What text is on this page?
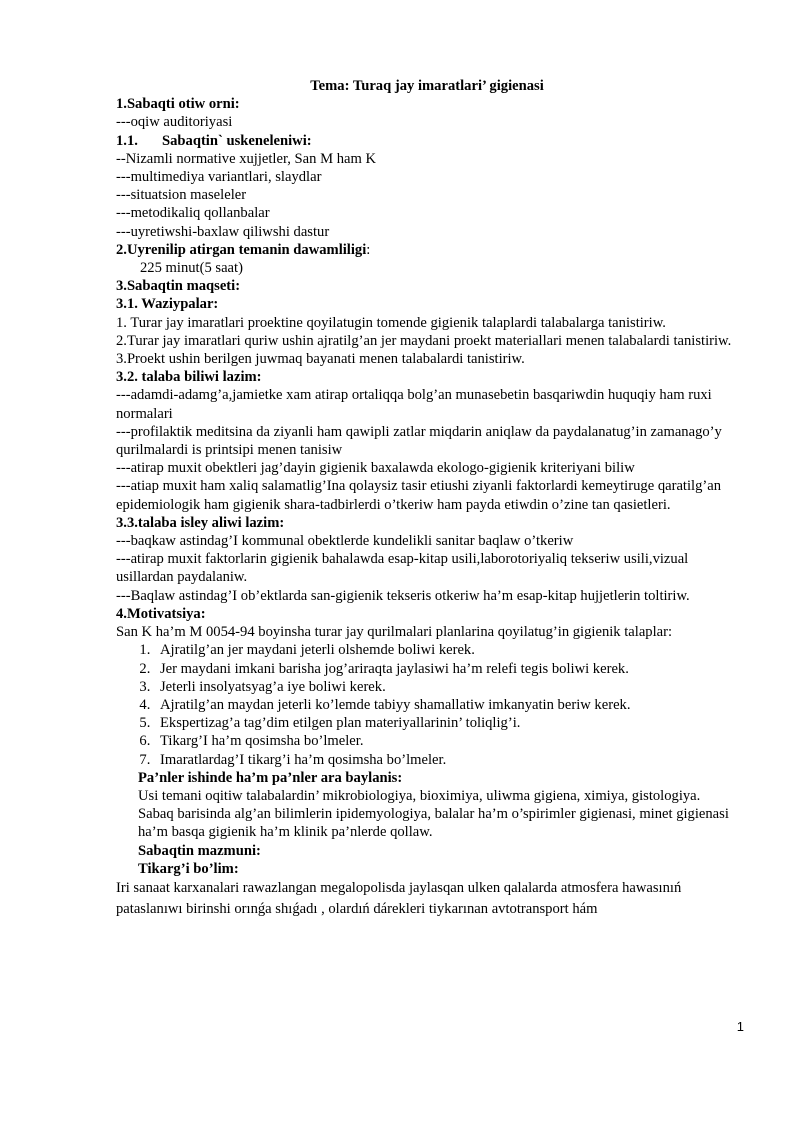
Tema: Turaq jay imaratlari’ gigienasi

1.Sabaqti otiw orni:

---oqiw auditoriyasi

1.1. Sabaqtin` uskeneleniwi:

--Nizamli normative xujjetler, San M ham K

---multimediya variantlari, slaydlar

---situatsion maseleler

---metodikaliq qollanbalar

---uyretiwshi-baxlaw qiliwshi dastur

2.Uyrenilip atirgan temanin dawamliligi:

225 minut(5 saat)

3.Sabaqtin maqseti:

3.1. Waziypalar:

1. Turar jay imaratlari proektine qoyilatugin tomende gigienik talaplardi talabalarga tanistiriw.

2.Turar jay imaratlari quriw ushin ajratilg’an jer maydani proekt materiallari menen talabalardi tanistiriw.

3.Proekt ushin berilgen juwmaq bayanati menen talabalardi tanistiriw.

3.2. talaba biliwi lazim:

---adamdi-adamg’a,jamietke xam atirap ortaliqqa bolg’an munasebetin basqariwdin huquqiy ham ruxi normalari

---profilaktik meditsina da ziyanli ham qawipli zatlar miqdarin aniqlaw da paydalanatug’in zamanago’y qurilmalardi is printsipi menen tanisiw

---atirap muxit obektleri jag’dayin gigienik baxalawda ekologo-gigienik kriteriyani biliw

---atiap muxit ham xaliq salamatlig’Ina qolaysiz tasir etiushi ziyanli faktorlardi kemeytiruge qaratilg’an epidemiologik ham gigienik shara-tadbirlerdi o’tkeriw ham payda etiwdin o’zine tan qasietleri.

3.3.talaba isley aliwi lazim:

---baqkaw astindag’I kommunal obektlerde kundelikli sanitar baqlaw o’tkeriw

---atirap muxit faktorlarin gigienik bahalawda esap-kitap usili,laborotoriyaliq tekseriw usili,vizual usillardan paydalaniw.

---Baqlaw astindag’I ob’ektlarda san-gigienik tekseris otkeriw ha’m esap-kitap hujjetlerin toltiriw.

4.Motivatsiya:

San K ha’m M 0054-94 boyinsha turar jay qurilmalari planlarina qoyilatug’in gigienik talaplar:

1. Ajratilg’an jer maydani jeterli olshemde boliwi kerek.
2. Jer maydani imkani barisha jog’ariraqta jaylasiwi ha’m relefi tegis boliwi kerek.
3. Jeterli insolyatsyag’a iye boliwi kerek.
4. Ajratilg’an maydan jeterli ko’lemde tabiyy shamallatiw imkanyatin beriw kerek.
5. Ekspertizag’a tag’dim etilgen plan materiyallarinin’ toliqlig’i.
6. Tikarg’I ha’m qosimsha bo’lmeler.
7. Imaratlardag’I tikarg’i ha’m qosimsha bo’lmeler.

Pa’nler ishinde ha’m pa’nler ara baylanis:

Usi temani oqitiw talabalardin’ mikrobiologiya, bioximiya, uliwma gigiena, ximiya, gistologiya.

Sabaq barisinda alg’an bilimlerin ipidemyologiya, balalar ha’m o’spirimler gigienasi, minet gigienasi ha’m basqa gigienik ha’m klinik pa’nlerde qollaw.

Sabaqtin mazmuni:

Tikarg’i bo’lim:

Iri sanaat karxanalari rawazlangan megalopolisda jaylasqan ulken qalalarda atmosfera hawasınıń pataslanıwı birinshi orınǵa shıǵadı , olardıń dárekleri tiykarınan avtotransport hám

1
